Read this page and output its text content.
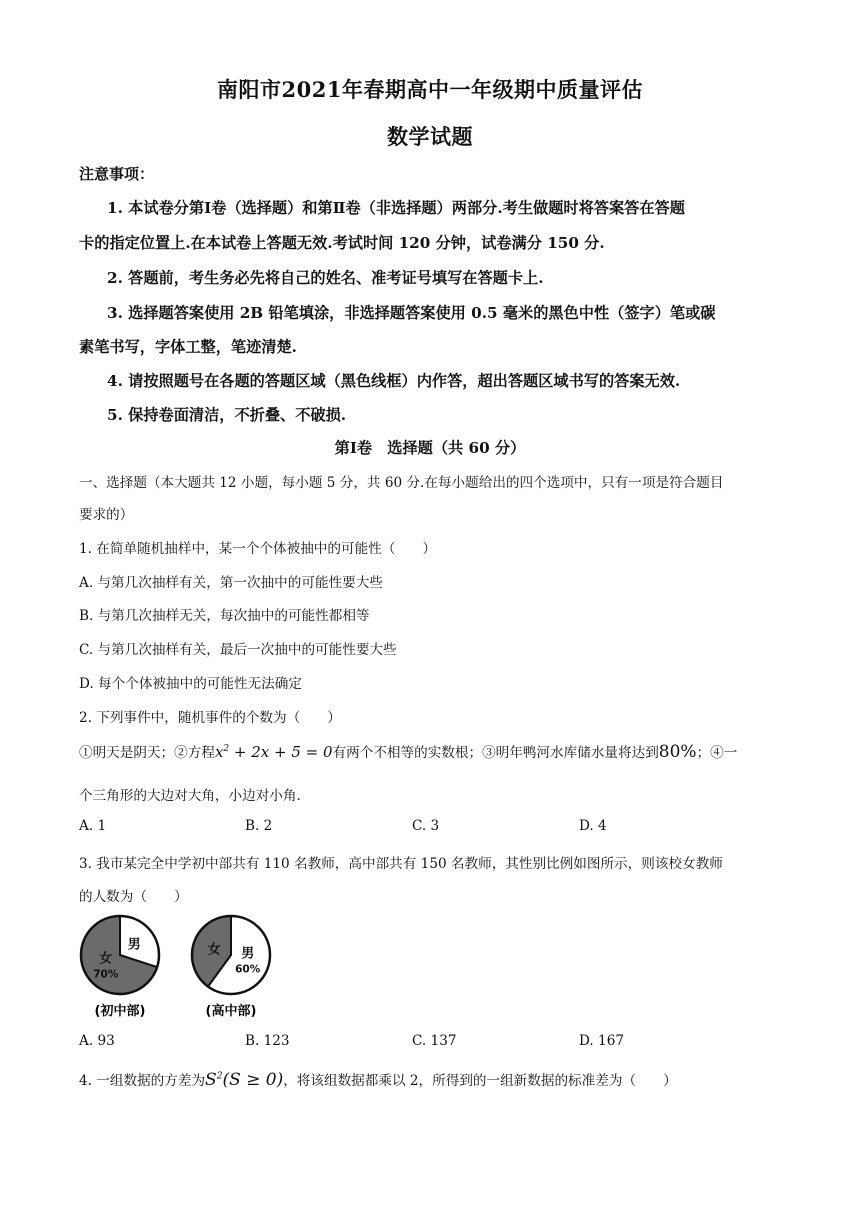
南阳市2021年春期高中一年级期中质量评估
数学试题
注意事项：
1. 本试卷分第Ⅰ卷（选择题）和第Ⅱ卷（非选择题）两部分.考生做题时将答案答在答题
卡的指定位置上.在本试卷上答题无效.考试时间 120 分钟，试卷满分 150 分.
2. 答题前，考生务必先将自己的姓名、准考证号填写在答题卡上.
3. 选择题答案使用 2B 铅笔填涂，非选择题答案使用 0.5 毫米的黑色中性（签字）笔或碳
素笔书写，字体工整，笔迹清楚.
4. 请按照题号在各题的答题区域（黑色线框）内作答，超出答题区域书写的答案无效.
5. 保持卷面清洁，不折叠、不破损.
第Ⅰ卷　选择题（共 60 分）
一、选择题（本大题共 12 小题，每小题 5 分，共 60 分.在每小题给出的四个选项中，只有一项是符合题目
要求的）
1. 在简单随机抽样中，某一个个体被抽中的可能性（　　）
A. 与第几次抽样有关，第一次抽中的可能性要大些
B. 与第几次抽样无关，每次抽中的可能性都相等
C. 与第几次抽样有关，最后一次抽中的可能性要大些
D. 每个个体被抽中的可能性无法确定
2. 下列事件中，随机事件的个数为（　　）
①明天是阴天；②方程$x^2 + 2x + 5 = 0$有两个不相等的实数根；③明年鸭河水库储水量将达到80%；④一
个三角形的大边对大角，小边对小角.
A. 1	B. 2	C. 3	D. 4
3. 我市某完全中学初中部共有 110 名教师，高中部共有 150 名教师，其性别比例如图所示，则该校女教师
的人数为（　　）
女
70%
男	女 男
60%
(初中部)	(高中部)
A. 93	B. 123	C. 137	D. 167
4. 一组数据的方差为$S^2(S \ge 0)$，将该组数据都乘以 2，所得到的一组新数据的标准差为（　　）
